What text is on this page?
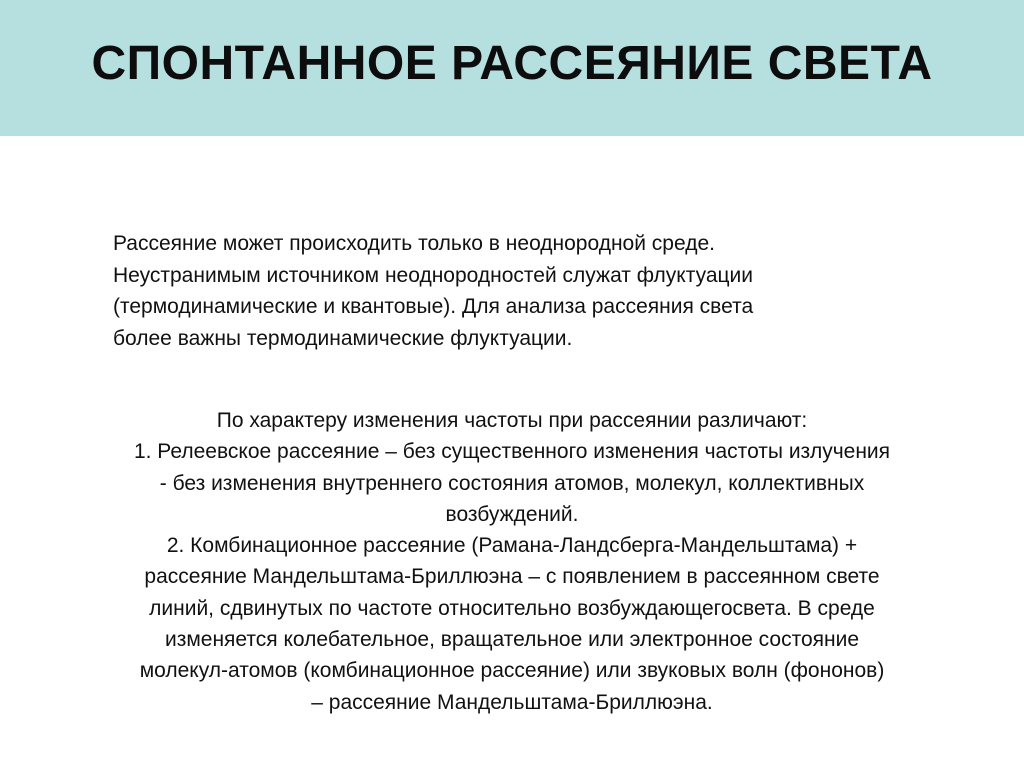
СПОНТАННОЕ РАССЕЯНИЕ СВЕТА
Рассеяние может происходить только в неоднородной среде.
Неустранимым источником неоднородностей служат флуктуации
(термодинамические и квантовые). Для анализа рассеяния света
более важны термодинамические флуктуации.
По характеру изменения частоты при рассеянии различают:
1. Релеевское рассеяние – без существенного изменения частоты излучения
- без изменения внутреннего состояния атомов, молекул, коллективных
возбуждений.
2. Комбинационное рассеяние (Рамана-Ландсберга-Мандельштама) +
рассеяние Мандельштама-Бриллюэна – с появлением в рассеянном свете
линий, сдвинутых по частоте относительно возбуждающегосвета. В среде
изменяется колебательное, вращательное или электронное состояние
молекул-атомов (комбинационное рассеяние) или звуковых волн (фононов)
– рассеяние Мандельштама-Бриллюэна.
